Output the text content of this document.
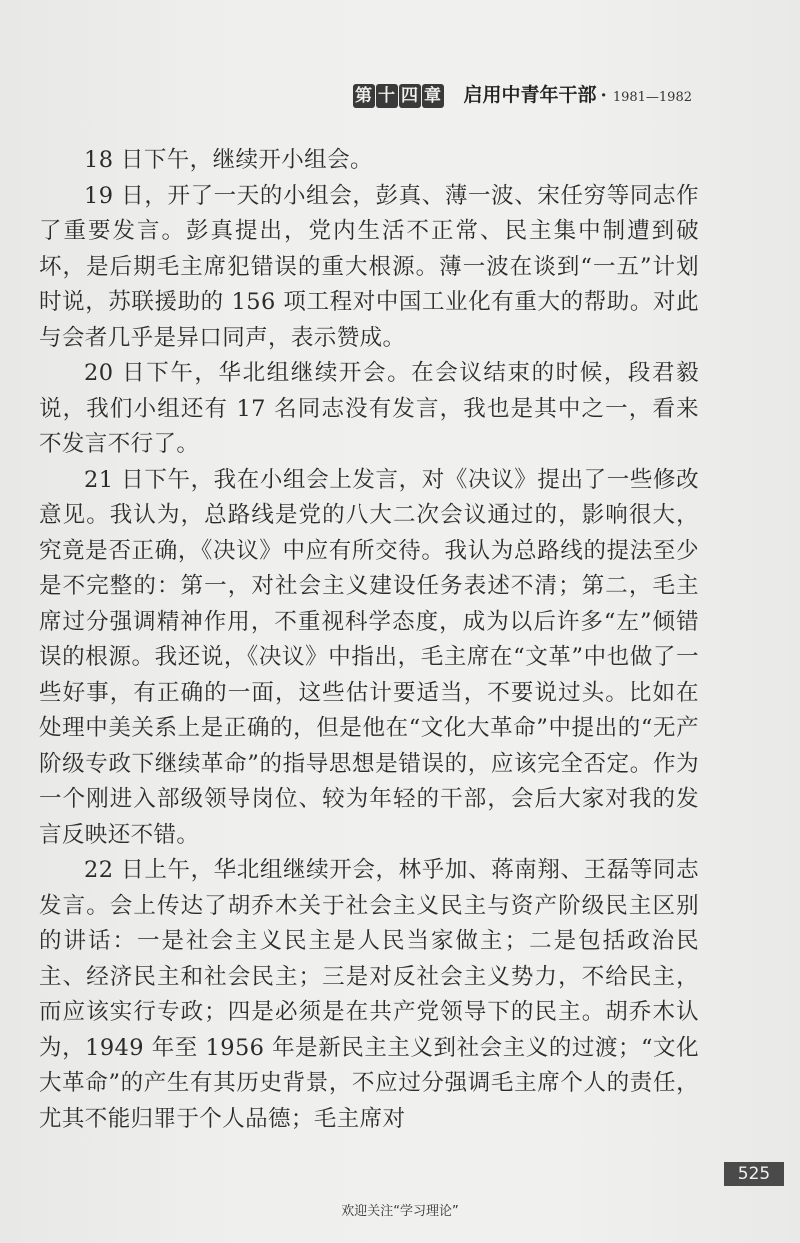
第 十 四 章 启用中青年干部 · 1981—1982

18 日下午，继续开小组会。

19 日，开了一天的小组会，彭真、薄一波、宋任穷等同志作了重要发言。彭真提出，党内生活不正常、民主集中制遭到破坏，是后期毛主席犯错误的重大根源。薄一波在谈到“一五”计划时说，苏联援助的 156 项工程对中国工业化有重大的帮助。对此与会者几乎是异口同声，表示赞成。

20 日下午，华北组继续开会。在会议结束的时候，段君毅说，我们小组还有 17 名同志没有发言，我也是其中之一，看来不发言不行了。

21 日下午，我在小组会上发言，对《决议》提出了一些修改意见。我认为，总路线是党的八大二次会议通过的，影响很大，究竟是否正确，《决议》中应有所交待。我认为总路线的提法至少是不完整的：第一，对社会主义建设任务表述不清；第二，毛主席过分强调精神作用，不重视科学态度，成为以后许多“左”倾错误的根源。我还说，《决议》中指出，毛主席在“文革”中也做了一些好事，有正确的一面，这些估计要适当，不要说过头。比如在处理中美关系上是正确的，但是他在“文化大革命”中提出的“无产阶级专政下继续革命”的指导思想是错误的，应该完全否定。作为一个刚进入部级领导岗位、较为年轻的干部，会后大家对我的发言反映还不错。

22 日上午，华北组继续开会，林乎加、蒋南翔、王磊等同志发言。会上传达了胡乔木关于社会主义民主与资产阶级民主区别的讲话：一是社会主义民主是人民当家做主；二是包括政治民主、经济民主和社会民主；三是对反社会主义势力，不给民主，而应该实行专政；四是必须是在共产党领导下的民主。胡乔木认为，1949 年至 1956 年是新民主主义到社会主义的过渡；“文化大革命”的产生有其历史背景，不应过分强调毛主席个人的责任，尤其不能归罪于个人品德；毛主席对

525
欢迎关注“学习理论”
